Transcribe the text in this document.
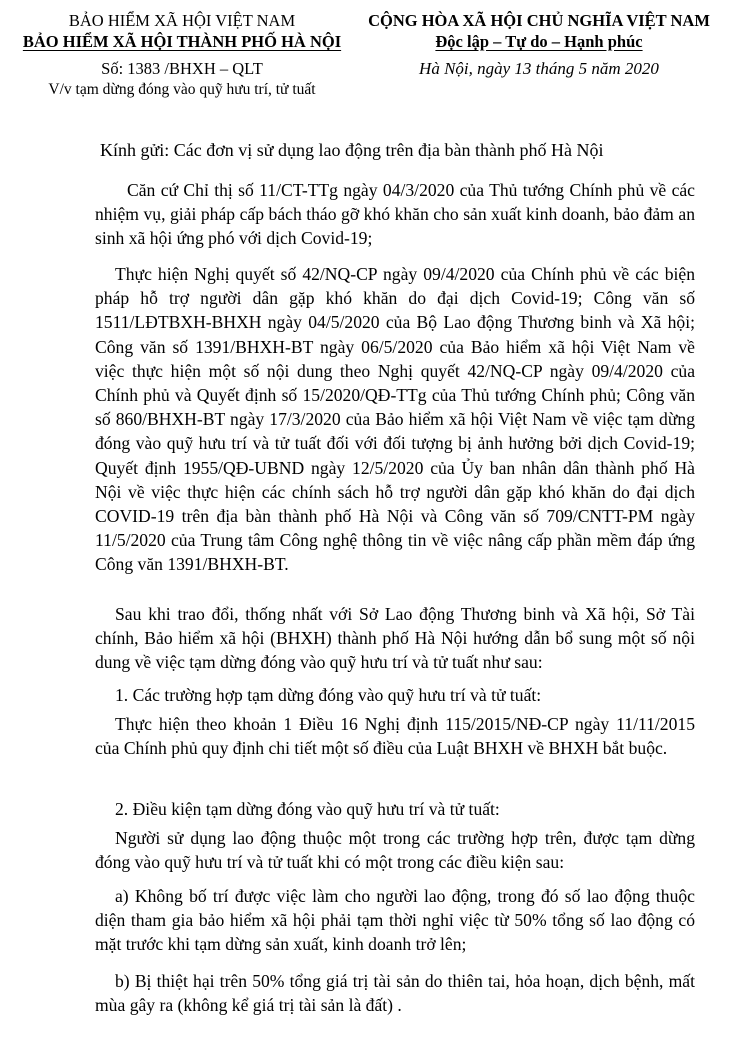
BẢO HIỂM XÃ HỘI VIỆT NAM
BẢO HIỂM XÃ HỘI THÀNH PHỐ HÀ NỘI
Số: 1383 /BHXH – QLT
V/v tạm dừng đóng vào quỹ hưu trí, tử tuất
CỘNG HÒA XÃ HỘI CHỦ NGHĨA VIỆT NAM
Độc lập – Tự do – Hạnh phúc
Hà Nội, ngày 13 tháng 5 năm 2020
Kính gửi: Các đơn vị sử dụng lao động trên địa bàn thành phố Hà Nội
Căn cứ Chỉ thị số 11/CT-TTg ngày 04/3/2020 của Thủ tướng Chính phủ về các nhiệm vụ, giải pháp cấp bách tháo gỡ khó khăn cho sản xuất kinh doanh, bảo đảm an sinh xã hội ứng phó với dịch Covid-19;
Thực hiện Nghị quyết số 42/NQ-CP ngày 09/4/2020 của Chính phủ về các biện pháp hỗ trợ người dân gặp khó khăn do đại dịch Covid-19; Công văn số 1511/LĐTBXH-BHXH ngày 04/5/2020 của Bộ Lao động Thương binh và Xã hội; Công văn số 1391/BHXH-BT ngày 06/5/2020 của Bảo hiểm xã hội Việt Nam về việc thực hiện một số nội dung theo Nghị quyết 42/NQ-CP ngày 09/4/2020 của Chính phủ và Quyết định số 15/2020/QĐ-TTg của Thủ tướng Chính phủ; Công văn số 860/BHXH-BT ngày 17/3/2020 của Bảo hiểm xã hội Việt Nam về việc tạm dừng đóng vào quỹ hưu trí và tử tuất đối với đối tượng bị ảnh hưởng bởi dịch Covid-19; Quyết định 1955/QĐ-UBND ngày 12/5/2020 của Ủy ban nhân dân thành phố Hà Nội về việc thực hiện các chính sách hỗ trợ người dân gặp khó khăn do đại dịch COVID-19 trên địa bàn thành phố Hà Nội và Công văn số 709/CNTT-PM ngày 11/5/2020 của Trung tâm Công nghệ thông tin về việc nâng cấp phần mềm đáp ứng Công văn 1391/BHXH-BT.
Sau khi trao đổi, thống nhất với Sở Lao động Thương binh và Xã hội, Sở Tài chính, Bảo hiểm xã hội (BHXH) thành phố Hà Nội hướng dẫn bổ sung một số nội dung về việc tạm dừng đóng vào quỹ hưu trí và tử tuất như sau:
1. Các trường hợp tạm dừng đóng vào quỹ hưu trí và tử tuất:
Thực hiện theo khoản 1 Điều 16 Nghị định 115/2015/NĐ-CP ngày 11/11/2015 của Chính phủ quy định chi tiết một số điều của Luật BHXH về BHXH bắt buộc.
2. Điều kiện tạm dừng đóng vào quỹ hưu trí và tử tuất:
Người sử dụng lao động thuộc một trong các trường hợp trên, được tạm dừng đóng vào quỹ hưu trí và tử tuất khi có một trong các điều kiện sau:
a) Không bố trí được việc làm cho người lao động, trong đó số lao động thuộc diện tham gia bảo hiểm xã hội phải tạm thời nghỉ việc từ 50% tổng số lao động có mặt trước khi tạm dừng sản xuất, kinh doanh trở lên;
b) Bị thiệt hại trên 50% tổng giá trị tài sản do thiên tai, hỏa hoạn, dịch bệnh, mất mùa gây ra (không kể giá trị tài sản là đất) .
